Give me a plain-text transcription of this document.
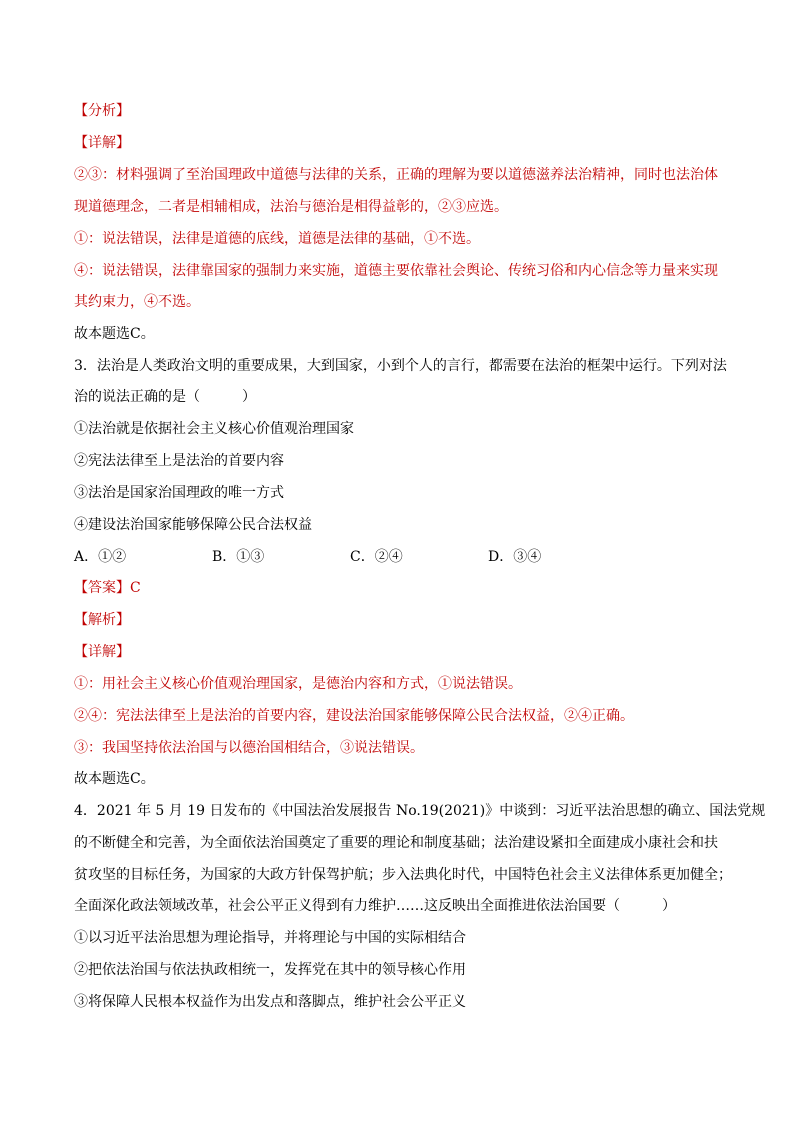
【分析】
【详解】
②③：材料强调了至治国理政中道德与法律的关系，正确的理解为要以道德滋养法治精神，同时也法治体
现道德理念，二者是相辅相成，法治与德治是相得益彰的，②③应选。
①：说法错误，法律是道德的底线，道德是法律的基础，①不选。
④：说法错误，法律靠国家的强制力来实施，道德主要依靠社会舆论、传统习俗和内心信念等力量来实现
其约束力，④不选。
故本题选C。
3．法治是人类政治文明的重要成果，大到国家，小到个人的言行，都需要在法治的框架中运行。下列对法
治的说法正确的是（　　　）
①法治就是依据社会主义核心价值观治理国家
②宪法法律至上是法治的首要内容
③法治是国家治国理政的唯一方式
④建设法治国家能够保障公民合法权益
A．①②	B．①③	C．②④	D．③④
【答案】C
【解析】
【详解】
①：用社会主义核心价值观治理国家，是德治内容和方式，①说法错误。
②④：宪法法律至上是法治的首要内容，建设法治国家能够保障公民合法权益，②④正确。
③：我国坚持依法治国与以德治国相结合，③说法错误。
故本题选C。
4．2021 年 5 月 19 日发布的《中国法治发展报告 No.19(2021)》中谈到：习近平法治思想的确立、国法党规
的不断健全和完善，为全面依法治国奠定了重要的理论和制度基础；法治建设紧扣全面建成小康社会和扶
贫攻坚的目标任务，为国家的大政方针保驾护航；步入法典化时代，中国特色社会主义法律体系更加健全；
全面深化政法领域改革，社会公平正义得到有力维护……这反映出全面推进依法治国要（　　　）
①以习近平法治思想为理论指导，并将理论与中国的实际相结合
②把依法治国与依法执政相统一，发挥党在其中的领导核心作用
③将保障人民根本权益作为出发点和落脚点，维护社会公平正义
